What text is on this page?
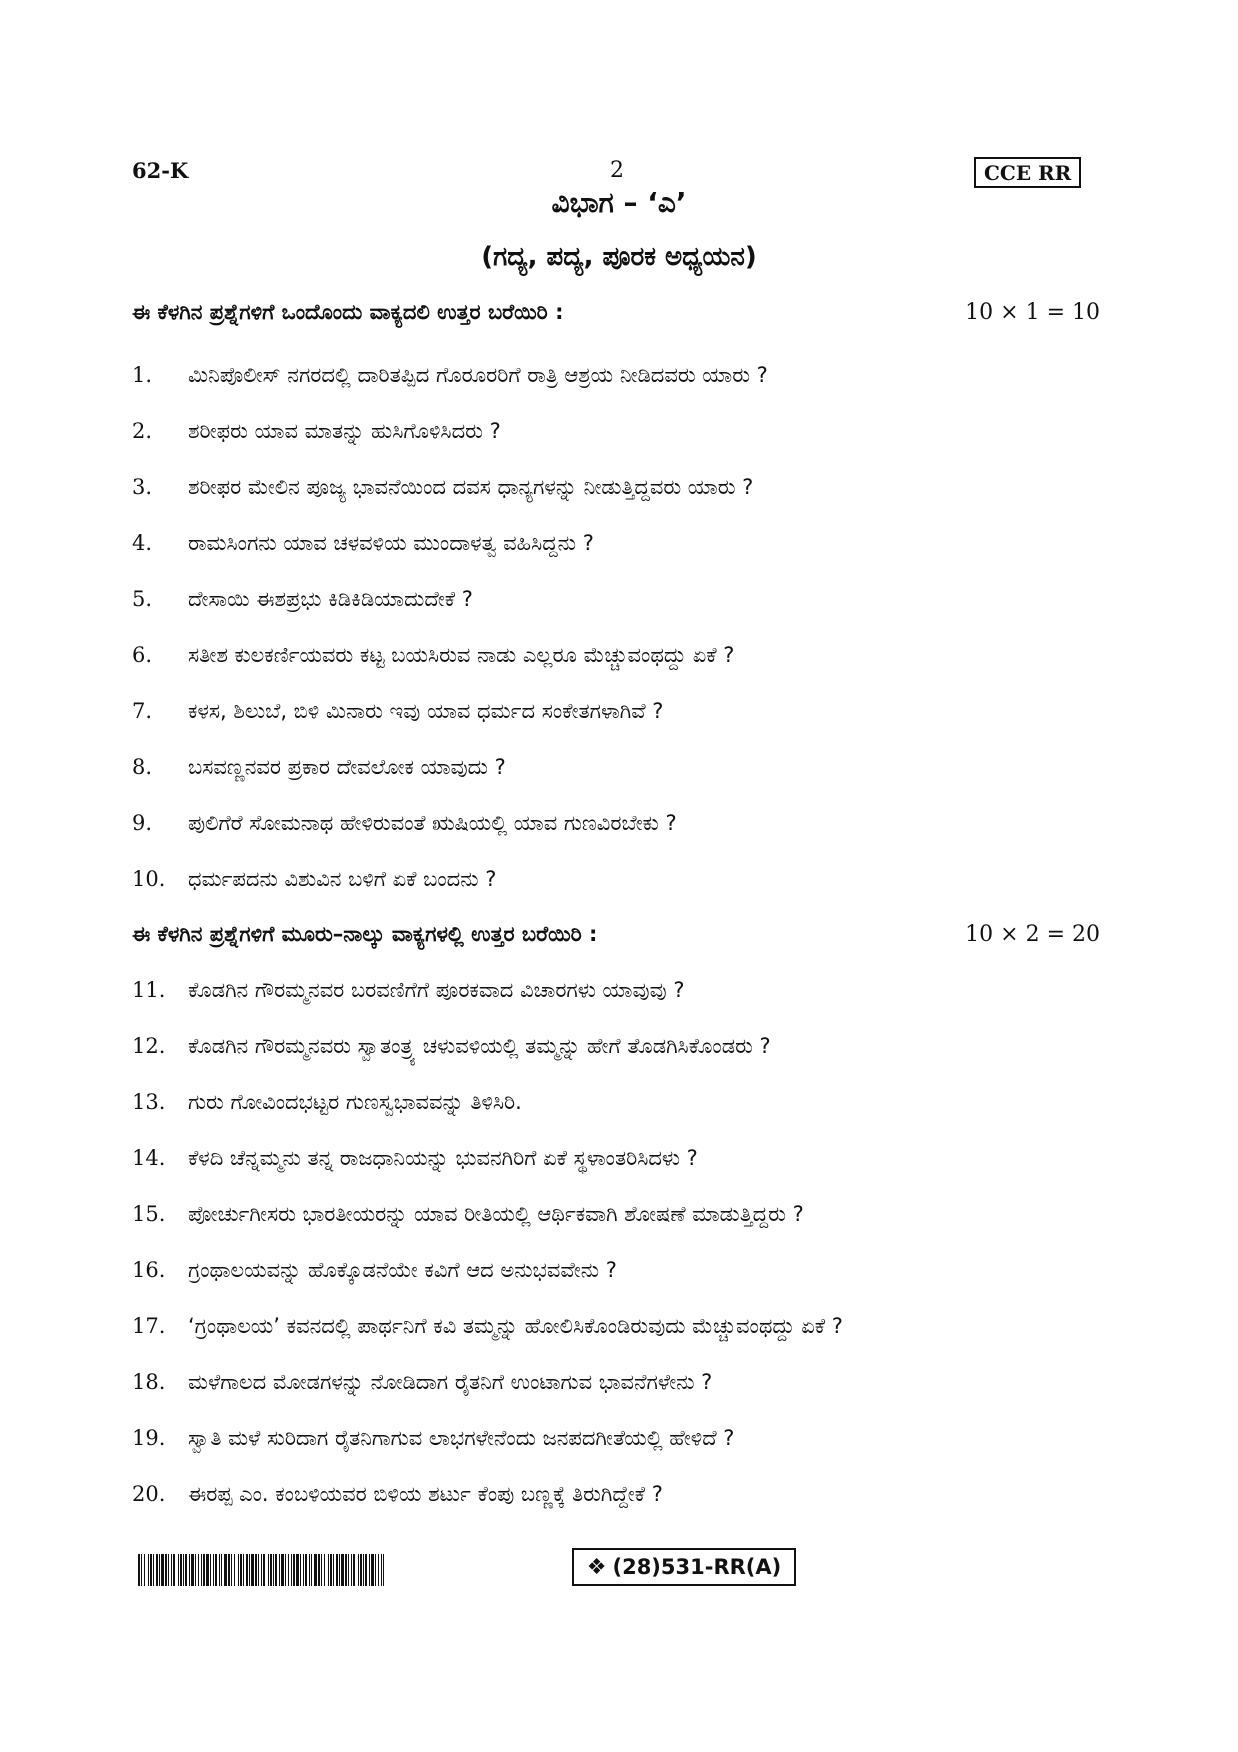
62-K	2	CCE RR
ವಿಭಾಗ – ‘ಎ’
(ಗದ್ಯ, ಪದ್ಯ, ಪೂರಕ ಅಧ್ಯಯನ)
ಈ ಕೆಳಗಿನ ಪ್ರಶ್ನೆಗಳಿಗೆ ಒಂದೊಂದು ವಾಕ್ಯದಲಿ ಉತ್ತರ ಬರೆಯಿರಿ :	10 × 1 = 10
1. ಮಿನಿಪೊಲೀಸ್ ನಗರದಲ್ಲಿ ದಾರಿತಪ್ಪಿದ ಗೊರೂರರಿಗೆ ರಾತ್ರಿ ಆಶ್ರಯ ನೀಡಿದವರು ಯಾರು ?
2. ಶರೀಫರು ಯಾವ ಮಾತನ್ನು ಹುಸಿಗೊಳಿಸಿದರು ?
3. ಶರೀಫರ ಮೇಲಿನ ಪೂಜ್ಯ ಭಾವನೆಯಿಂದ ದವಸ ಧಾನ್ಯಗಳನ್ನು ನೀಡುತ್ತಿದ್ದವರು ಯಾರು ?
4. ರಾಮಸಿಂಗನು ಯಾವ ಚಳವಳಿಯ ಮುಂದಾಳತ್ವ ವಹಿಸಿದ್ದನು ?
5. ದೇಸಾಯಿ ಈಶಪ್ರಭು ಕಿಡಿಕಿಡಿಯಾದುದೇಕೆ ?
6. ಸತೀಶ ಕುಲಕರ್ಣಿಯವರು ಕಟ್ಟ ಬಯಸಿರುವ ನಾಡು ಎಲ್ಲರೂ ಮೆಚ್ಚುವಂಥದ್ದು ಏಕೆ ?
7. ಕಳಸ, ಶಿಲುಬೆ, ಬಿಳಿ ಮಿನಾರು ಇವು ಯಾವ ಧರ್ಮದ ಸಂಕೇತಗಳಾಗಿವೆ ?
8. ಬಸವಣ್ಣನವರ ಪ್ರಕಾರ ದೇವಲೋಕ ಯಾವುದು ?
9. ಪುಲಿಗೆರೆ ಸೋಮನಾಥ ಹೇಳಿರುವಂತೆ ಋಷಿಯಲ್ಲಿ ಯಾವ ಗುಣವಿರಬೇಕು ?
10. ಧರ್ಮಪದನು ವಿಶುವಿನ ಬಳಿಗೆ ಏಕೆ ಬಂದನು ?
ಈ ಕೆಳಗಿನ ಪ್ರಶ್ನೆಗಳಿಗೆ ಮೂರು–ನಾಲ್ಕು ವಾಕ್ಯಗಳಲ್ಲಿ ಉತ್ತರ ಬರೆಯಿರಿ :	10 × 2 = 20
11. ಕೊಡಗಿನ ಗೌರಮ್ಮನವರ ಬರವಣಿಗೆಗೆ ಪೂರಕವಾದ ವಿಚಾರಗಳು ಯಾವುವು ?
12. ಕೊಡಗಿನ ಗೌರಮ್ಮನವರು ಸ್ವಾತಂತ್ರ್ಯ ಚಳುವಳಿಯಲ್ಲಿ ತಮ್ಮನ್ನು ಹೇಗೆ ತೊಡಗಿಸಿಕೊಂಡರು ?
13. ಗುರು ಗೋವಿಂದಭಟ್ಟರ ಗುಣಸ್ವಭಾವವನ್ನು ತಿಳಿಸಿರಿ.
14. ಕೆಳದಿ ಚೆನ್ನಮ್ಮನು ತನ್ನ ರಾಜಧಾನಿಯನ್ನು ಭುವನಗಿರಿಗೆ ಏಕೆ ಸ್ಥಳಾಂತರಿಸಿದಳು ?
15. ಪೋರ್ಚುಗೀಸರು ಭಾರತೀಯರನ್ನು ಯಾವ ರೀತಿಯಲ್ಲಿ ಆರ್ಥಿಕವಾಗಿ ಶೋಷಣೆ ಮಾಡುತ್ತಿದ್ದರು ?
16. ಗ್ರಂಥಾಲಯವನ್ನು ಹೊಕ್ಕೊಡನೆಯೇ ಕವಿಗೆ ಆದ ಅನುಭವವೇನು ?
17. ‘ಗ್ರಂಥಾಲಯ’ ಕವನದಲ್ಲಿ ಪಾರ್ಥನಿಗೆ ಕವಿ ತಮ್ಮನ್ನು ಹೋಲಿಸಿಕೊಂಡಿರುವುದು ಮೆಚ್ಚುವಂಥದ್ದು ಏಕೆ ?
18. ಮಳೆಗಾಲದ ಮೋಡಗಳನ್ನು ನೋಡಿದಾಗ ರೈತನಿಗೆ ಉಂಟಾಗುವ ಭಾವನೆಗಳೇನು ?
19. ಸ್ವಾತಿ ಮಳೆ ಸುರಿದಾಗ ರೈತನಿಗಾಗುವ ಲಾಭಗಳೇನೆಂದು ಜನಪದಗೀತೆಯಲ್ಲಿ ಹೇಳಿದೆ ?
20. ಈರಪ್ಪ ಎಂ. ಕಂಬಳಿಯವರ ಬಿಳಿಯ ಶರ್ಟು ಕೆಂಪು ಬಣ್ಣಕ್ಕೆ ತಿರುಗಿದ್ದೇಕೆ ?
❖ (28)531-RR(A)
